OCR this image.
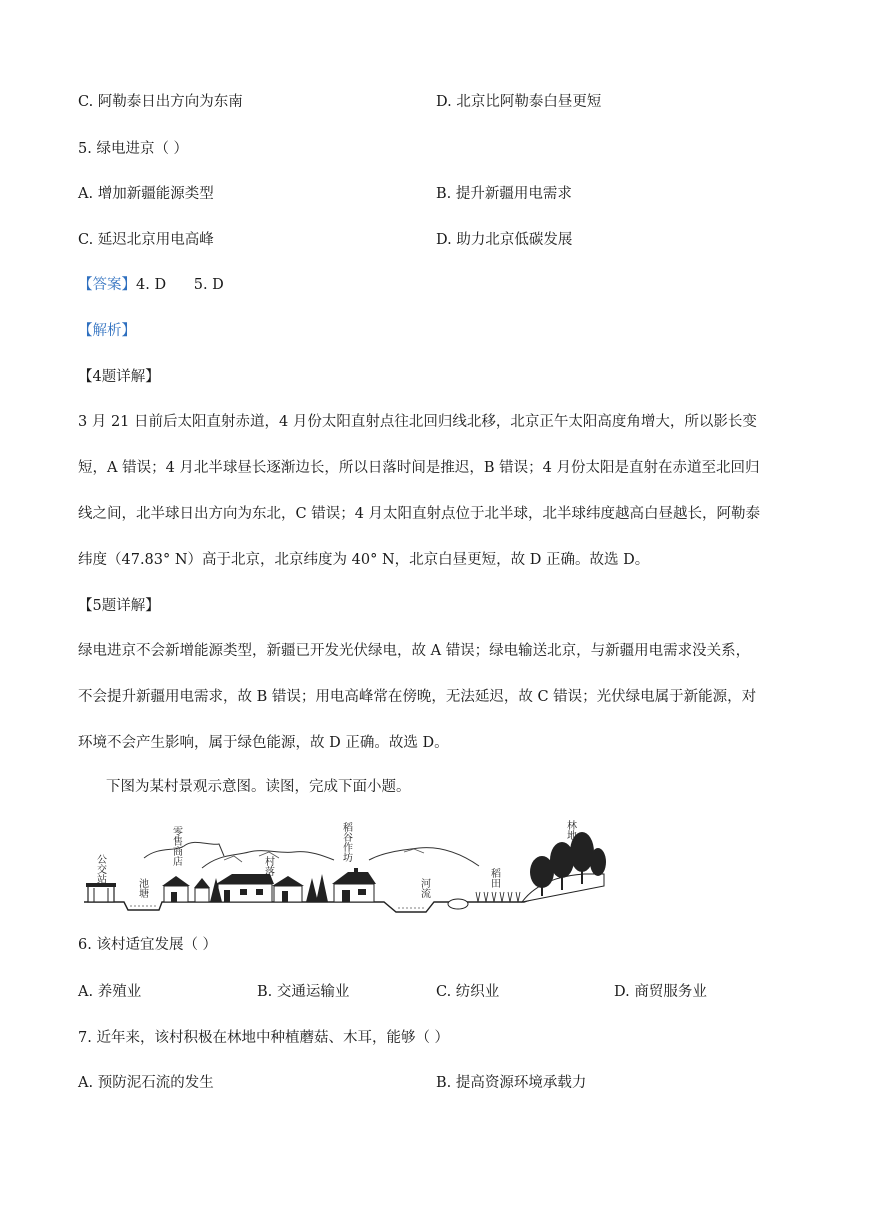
C. 阿勒泰日出方向为东南	D. 北京比阿勒泰白昼更短
5. 绿电进京（ ）
A. 增加新疆能源类型	B. 提升新疆用电需求
C. 延迟北京用电高峰	D. 助力北京低碳发展
【答案】4. D      5. D
【解析】
【4题详解】
3 月 21 日前后太阳直射赤道，4 月份太阳直射点往北回归线北移，北京正午太阳高度角增大，所以影长变
短，A 错误；4 月北半球昼长逐渐边长，所以日落时间是推迟，B 错误；4 月份太阳是直射在赤道至北回归
线之间，北半球日出方向为东北，C 错误；4 月太阳直射点位于北半球，北半球纬度越高白昼越长，阿勒泰
纬度（47.83° N）高于北京，北京纬度为 40° N，北京白昼更短，故 D 正确。故选 D。
【5题详解】
绿电进京不会新增能源类型，新疆已开发光伏绿电，故 A 错误；绿电输送北京，与新疆用电需求没关系，
不会提升新疆用电需求，故 B 错误；用电高峰常在傍晚，无法延迟，故 C 错误；光伏绿电属于新能源，对
环境不会产生影响，属于绿色能源，故 D 正确。故选 D。
下图为某村景观示意图。读图，完成下面小题。
公交站
零售商店
池塘
村落
稻谷作坊
河流	稻田
林地
6. 该村适宜发展（ ）
A. 养殖业	B. 交通运输业	C. 纺织业	D. 商贸服务业
7. 近年来，该村积极在林地中种植蘑菇、木耳，能够（ ）
A. 预防泥石流的发生	B. 提高资源环境承载力
